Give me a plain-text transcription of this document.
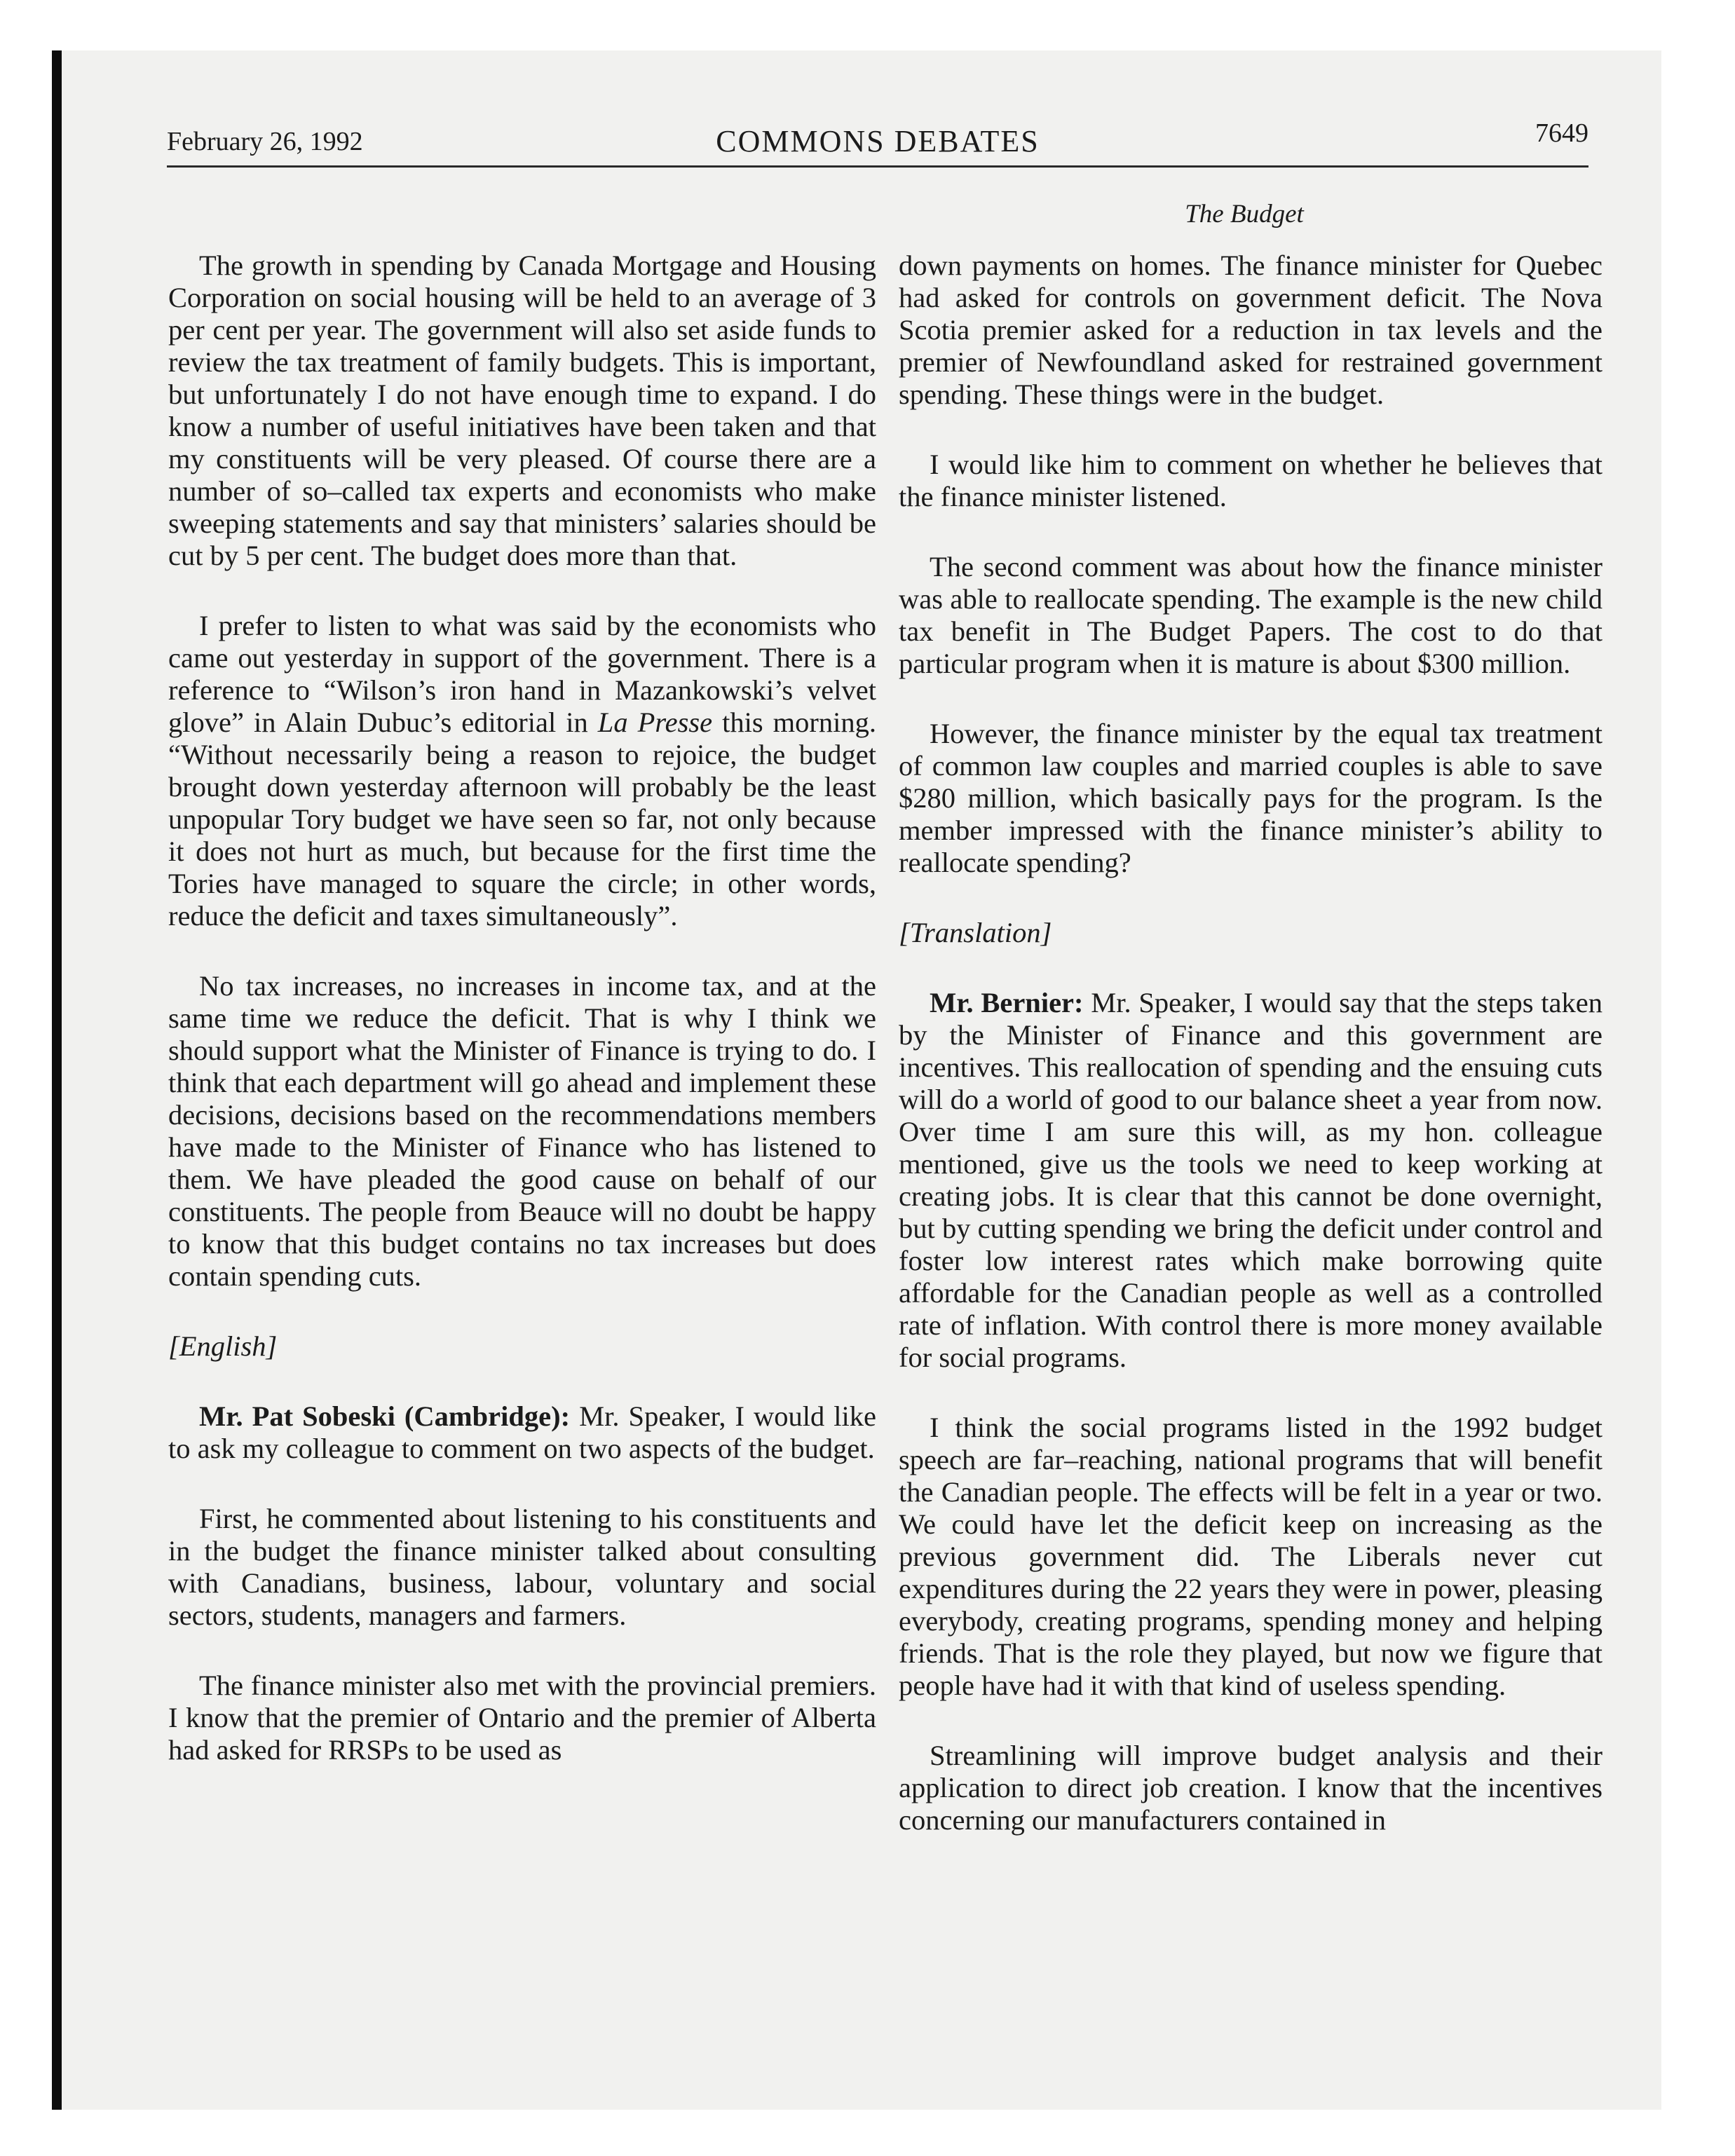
February 26, 1992	COMMONS DEBATES	7649
The Budget

The growth in spending by Canada Mortgage and Housing Corporation on social housing will be held to an average of 3 per cent per year. The government will also set aside funds to review the tax treatment of family budgets. This is important, but unfortunately I do not have enough time to expand. I do know a number of useful initiatives have been taken and that my constituents will be very pleased. Of course there are a number of so–called tax experts and economists who make sweeping statements and say that ministers’ salaries should be cut by 5 per cent. The budget does more than that.

I prefer to listen to what was said by the economists who came out yesterday in support of the government. There is a reference to “Wilson’s iron hand in Mazankowski’s velvet glove” in Alain Dubuc’s editorial in La Presse this morning. “Without necessarily being a reason to rejoice, the budget brought down yesterday afternoon will probably be the least unpopular Tory budget we have seen so far, not only because it does not hurt as much, but because for the first time the Tories have managed to square the circle; in other words, reduce the deficit and taxes simultaneously”.

No tax increases, no increases in income tax, and at the same time we reduce the deficit. That is why I think we should support what the Minister of Finance is trying to do. I think that each department will go ahead and implement these decisions, decisions based on the recommendations members have made to the Minister of Finance who has listened to them. We have pleaded the good cause on behalf of our constituents. The people from Beauce will no doubt be happy to know that this budget contains no tax increases but does contain spending cuts.

[English]

Mr. Pat Sobeski (Cambridge): Mr. Speaker, I would like to ask my colleague to comment on two aspects of the budget.

First, he commented about listening to his constituents and in the budget the finance minister talked about consulting with Canadians, business, labour, voluntary and social sectors, students, managers and farmers.

The finance minister also met with the provincial premiers. I know that the premier of Ontario and the premier of Alberta had asked for RRSPs to be used as

down payments on homes. The finance minister for Quebec had asked for controls on government deficit. The Nova Scotia premier asked for a reduction in tax levels and the premier of Newfoundland asked for restrained government spending. These things were in the budget.

I would like him to comment on whether he believes that the finance minister listened.

The second comment was about how the finance minister was able to reallocate spending. The example is the new child tax benefit in The Budget Papers. The cost to do that particular program when it is mature is about $300 million.

However, the finance minister by the equal tax treatment of common law couples and married couples is able to save $280 million, which basically pays for the program. Is the member impressed with the finance minister’s ability to reallocate spending?

[Translation]

Mr. Bernier: Mr. Speaker, I would say that the steps taken by the Minister of Finance and this government are incentives. This reallocation of spending and the ensuing cuts will do a world of good to our balance sheet a year from now. Over time I am sure this will, as my hon. colleague mentioned, give us the tools we need to keep working at creating jobs. It is clear that this cannot be done overnight, but by cutting spending we bring the deficit under control and foster low interest rates which make borrowing quite affordable for the Canadian people as well as a controlled rate of inflation. With control there is more money available for social programs.

I think the social programs listed in the 1992 budget speech are far–reaching, national programs that will benefit the Canadian people. The effects will be felt in a year or two. We could have let the deficit keep on increasing as the previous government did. The Liberals never cut expenditures during the 22 years they were in power, pleasing everybody, creating programs, spending money and helping friends. That is the role they played, but now we figure that people have had it with that kind of useless spending.

Streamlining will improve budget analysis and their application to direct job creation. I know that the incentives concerning our manufacturers contained in
